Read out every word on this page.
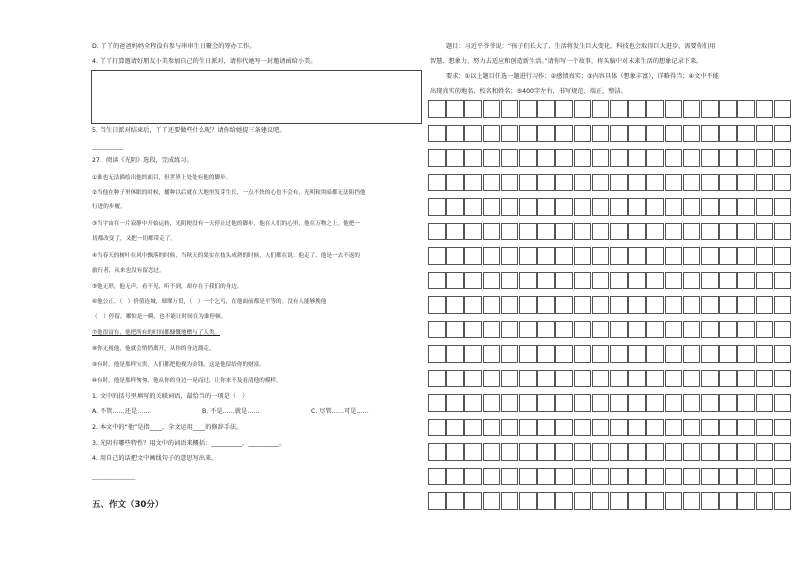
D. 丫丫的爸爸妈妈全程没有参与串串生日聚会的筹办工作。
4. 丫丫打算邀请好朋友小美参加自己的生日派对，请你代她写一封邀请函给小美。
5. 当生日派对结束后，丫丫还要做些什么呢？请你给她提三条建议吧。
__________
27．阅读《光阴》选段，完成练习。
①谁也无法描绘出他的面目，但世界上处处有他的脚步。
②当他在种子里休眠的时候，播种以后就在大地里发芽生长，一点不快的心也不会有，光明和黑暗都无法阻挡他
行进的步履。
③当宇宙在一片寂静中开始运转，光阴便没有一天停止过他的脚步，他在人们的心里，他在万物之上。他把一
切都改变了，又把一切都带走了。
④当春天的树叶在风中飘落的时候，当秋天的果实在枝头成熟的时候，人们都在说：他走了。他是一去不返的
旅行者，从来也没有留恋过。
⑤他无形，他无声。看不见，听不到，却存在于我们的身边。
⑥他公正、（　）价值连城，璀璨万贯，（　）一个乞丐，在他面前都是平等的。没有人能够挽他
（　）停留，哪怕是一瞬，也不能让时间在为谁停顿。
⑦他很富有，他把所有的时间都慷慨地赠与了人类。
⑧你无视他，他就会悄悄离开，从你的身边溜走。
⑨有时，他是那样宝贵，人们都把他视为金钱。这是他留给你的财富。
⑩有时，他是那样匆匆，他从你的身边一晃而过，让你来不及看清他的模样。
1. 文中的括号里填写的关联词语，最恰当的一项是（　）
A. 不管……还是……	B. 不是……就是……	C. 尽管……可是……
2. 本文中的“他”是指____，全文运用____的修辞手法。
3. 光阴有哪些特性？用文中的词语来概括：__________、__________。
4. 用自己的话把文中画线句子的意思写出来。
______________
五、作文（30分）
题目：习近平爷爷说：“孩子们长大了，生活将发生巨大变化，科技也会取得巨大进步，需要你们用
智慧、想象力、努力去适应和创造新生活。”请你写一个故事，将头脑中对未来生活的想象记录下来。
要求：①以上题目任选一题进行习作；②感情真实；③内容具体（想象丰富），详略得当；④文中不能
出现真实的地名、校名和姓名；⑤400字左右，书写规范、端正、整洁。
